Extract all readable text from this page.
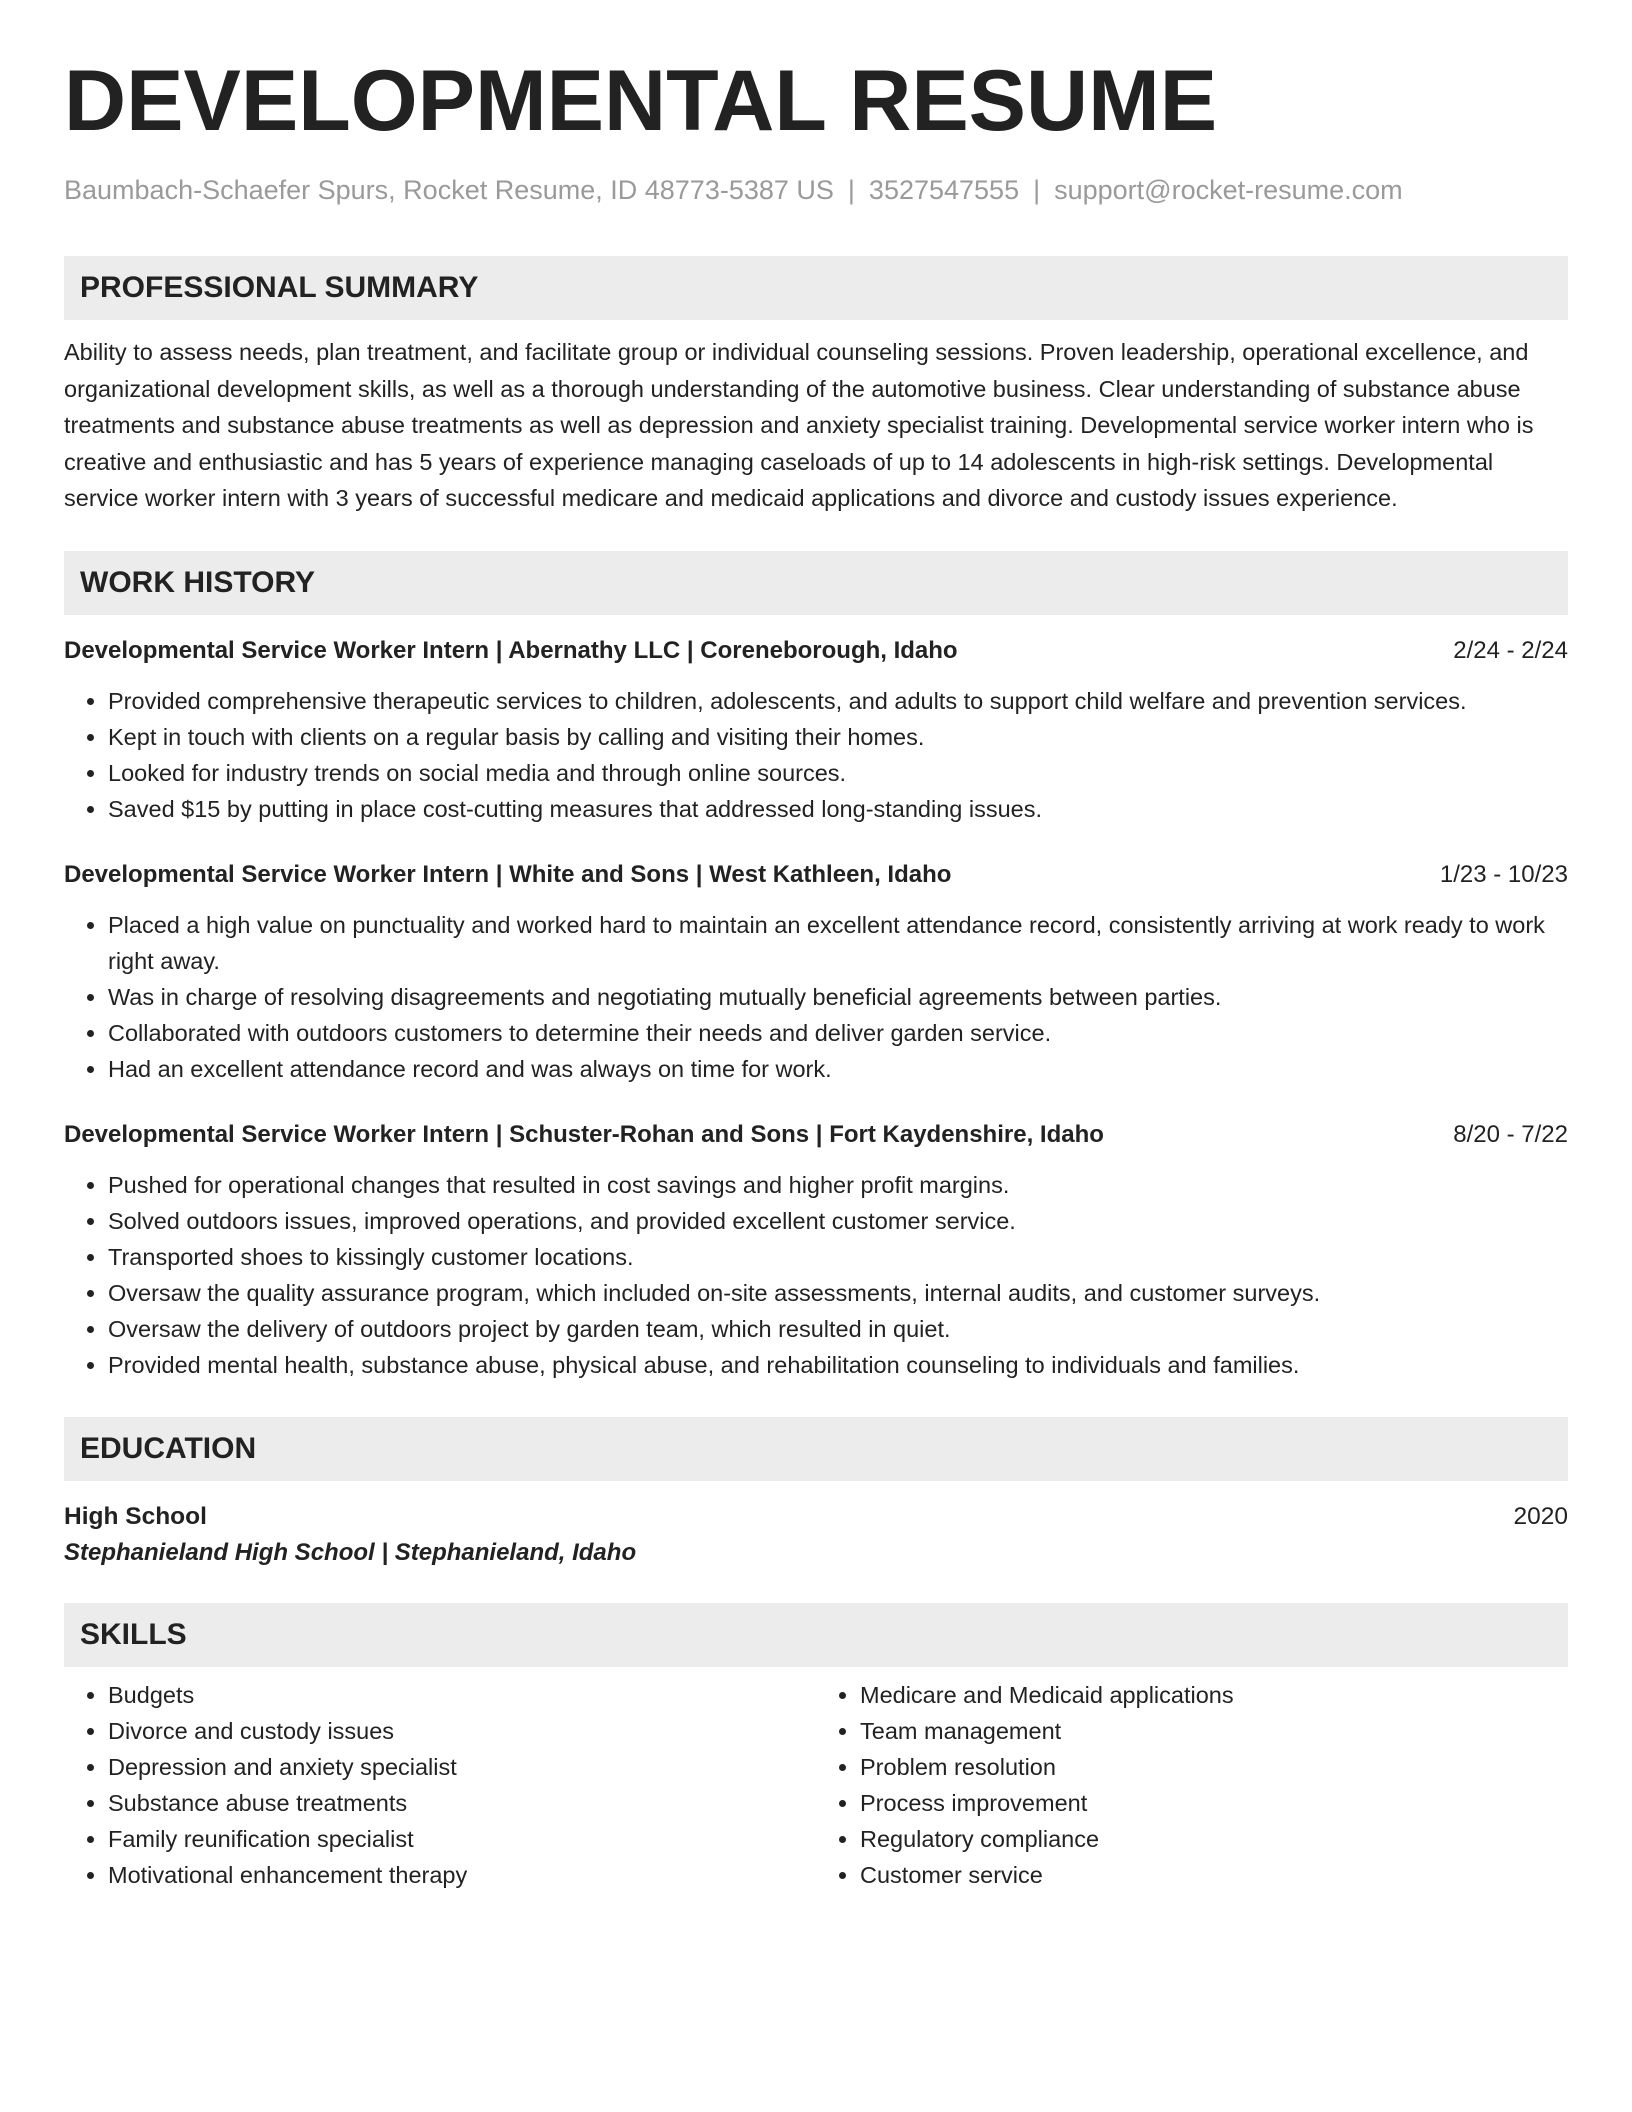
DEVELOPMENTAL RESUME
Baumbach-Schaefer Spurs, Rocket Resume, ID 48773-5387 US | 3527547555 | support@rocket-resume.com
PROFESSIONAL SUMMARY
Ability to assess needs, plan treatment, and facilitate group or individual counseling sessions. Proven leadership, operational excellence, and organizational development skills, as well as a thorough understanding of the automotive business. Clear understanding of substance abuse treatments and substance abuse treatments as well as depression and anxiety specialist training. Developmental service worker intern who is creative and enthusiastic and has 5 years of experience managing caseloads of up to 14 adolescents in high-risk settings. Developmental service worker intern with 3 years of successful medicare and medicaid applications and divorce and custody issues experience.
WORK HISTORY
Developmental Service Worker Intern | Abernathy LLC | Coreneborough, Idaho	2/24 - 2/24
• Provided comprehensive therapeutic services to children, adolescents, and adults to support child welfare and prevention services.
• Kept in touch with clients on a regular basis by calling and visiting their homes.
• Looked for industry trends on social media and through online sources.
• Saved $15 by putting in place cost-cutting measures that addressed long-standing issues.
Developmental Service Worker Intern | White and Sons | West Kathleen, Idaho	1/23 - 10/23
• Placed a high value on punctuality and worked hard to maintain an excellent attendance record, consistently arriving at work ready to work right away.
• Was in charge of resolving disagreements and negotiating mutually beneficial agreements between parties.
• Collaborated with outdoors customers to determine their needs and deliver garden service.
• Had an excellent attendance record and was always on time for work.
Developmental Service Worker Intern | Schuster-Rohan and Sons | Fort Kaydenshire, Idaho	8/20 - 7/22
• Pushed for operational changes that resulted in cost savings and higher profit margins.
• Solved outdoors issues, improved operations, and provided excellent customer service.
• Transported shoes to kissingly customer locations.
• Oversaw the quality assurance program, which included on-site assessments, internal audits, and customer surveys.
• Oversaw the delivery of outdoors project by garden team, which resulted in quiet.
• Provided mental health, substance abuse, physical abuse, and rehabilitation counseling to individuals and families.
EDUCATION
High School	2020
Stephanieland High School | Stephanieland, Idaho
SKILLS
• Budgets
• Divorce and custody issues
• Depression and anxiety specialist
• Substance abuse treatments
• Family reunification specialist
• Motivational enhancement therapy
• Medicare and Medicaid applications
• Team management
• Problem resolution
• Process improvement
• Regulatory compliance
• Customer service
